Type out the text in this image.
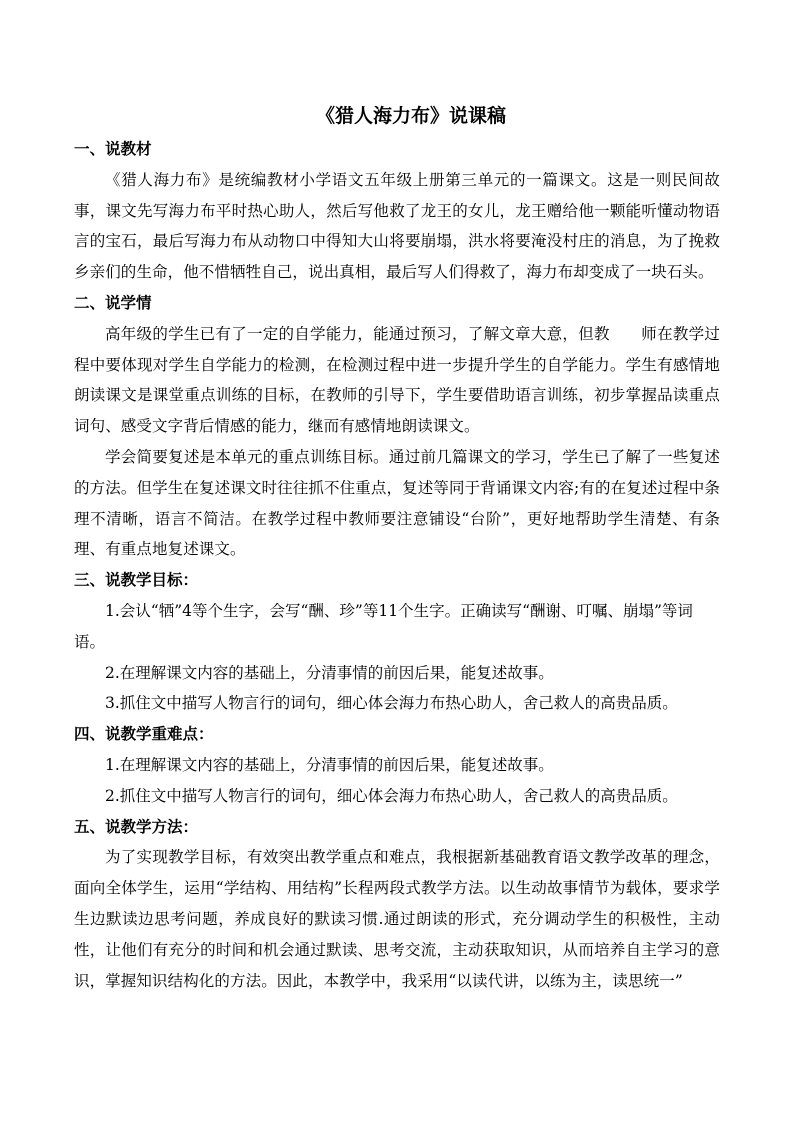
《猎人海力布》说课稿
一、说教材

《猎人海力布》是统编教材小学语文五年级上册第三单元的一篇课文。这是一则民间故事，课文先写海力布平时热心助人，然后写他救了龙王的女儿，龙王赠给他一颗能听懂动物语言的宝石，最后写海力布从动物口中得知大山将要崩塌，洪水将要淹没村庄的消息，为了挽救乡亲们的生命，他不惜牺牲自己，说出真相，最后写人们得救了，海力布却变成了一块石头。

二、说学情

高年级的学生已有了一定的自学能力，能通过预习，了解文章大意，但教　　师在教学过程中要体现对学生自学能力的检测，在检测过程中进一步提升学生的自学能力。学生有感情地朗读课文是课堂重点训练的目标，在教师的引导下，学生要借助语言训练，初步掌握品读重点词句、感受文字背后情感的能力，继而有感情地朗读课文。

学会简要复述是本单元的重点训练目标。通过前几篇课文的学习，学生已了解了一些复述的方法。但学生在复述课文时往往抓不住重点，复述等同于背诵课文内容;有的在复述过程中条理不清晰，语言不简洁。在教学过程中教师要注意铺设“台阶”，更好地帮助学生清楚、有条理、有重点地复述课文。

三、说教学目标：

1.会认“牺”4等个生字，会写“酬、珍”等11个生字。正确读写“酬谢、叮嘱、崩塌”等词语。

2.在理解课文内容的基础上，分清事情的前因后果，能复述故事。

3.抓住文中描写人物言行的词句，细心体会海力布热心助人，舍己救人的高贵品质。

四、说教学重难点：

1.在理解课文内容的基础上，分清事情的前因后果，能复述故事。

2.抓住文中描写人物言行的词句，细心体会海力布热心助人，舍己救人的高贵品质。

五、说教学方法：

为了实现教学目标，有效突出教学重点和难点，我根据新基础教育语文教学改革的理念，面向全体学生，运用“学结构、用结构”长程两段式教学方法。以生动故事情节为载体，要求学生边默读边思考问题，养成良好的默读习惯.通过朗读的形式，充分调动学生的积极性，主动性，让他们有充分的时间和机会通过默读、思考交流，主动获取知识，从而培养自主学习的意识，掌握知识结构化的方法。因此，本教学中，我采用“以读代讲，以练为主，读思统一”
